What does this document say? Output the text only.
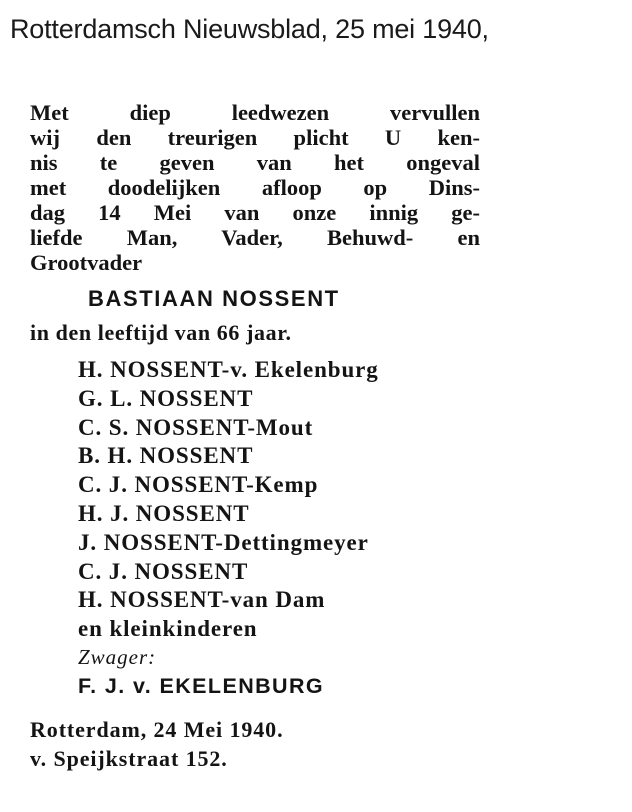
Rotterdamsch Nieuwsblad, 25 mei 1940,
Met diep leedwezen vervullen
wij den treurigen plicht U ken-
nis te geven van het ongeval
met doodelijken afloop op Dins-
dag 14 Mei van onze innig ge-
liefde Man, Vader, Behuwd- en
Grootvader
BASTIAAN NOSSENT
in den leeftijd van 66 jaar.
H. NOSSENT-v. Ekelenburg
G. L. NOSSENT
C. S. NOSSENT-Mout
B. H. NOSSENT
C. J. NOSSENT-Kemp
H. J. NOSSENT
J. NOSSENT-Dettingmeyer
C. J. NOSSENT
H. NOSSENT-van Dam
en kleinkinderen
Zwager:
F. J. v. EKELENBURG
Rotterdam, 24 Mei 1940.
v. Speijkstraat 152.
